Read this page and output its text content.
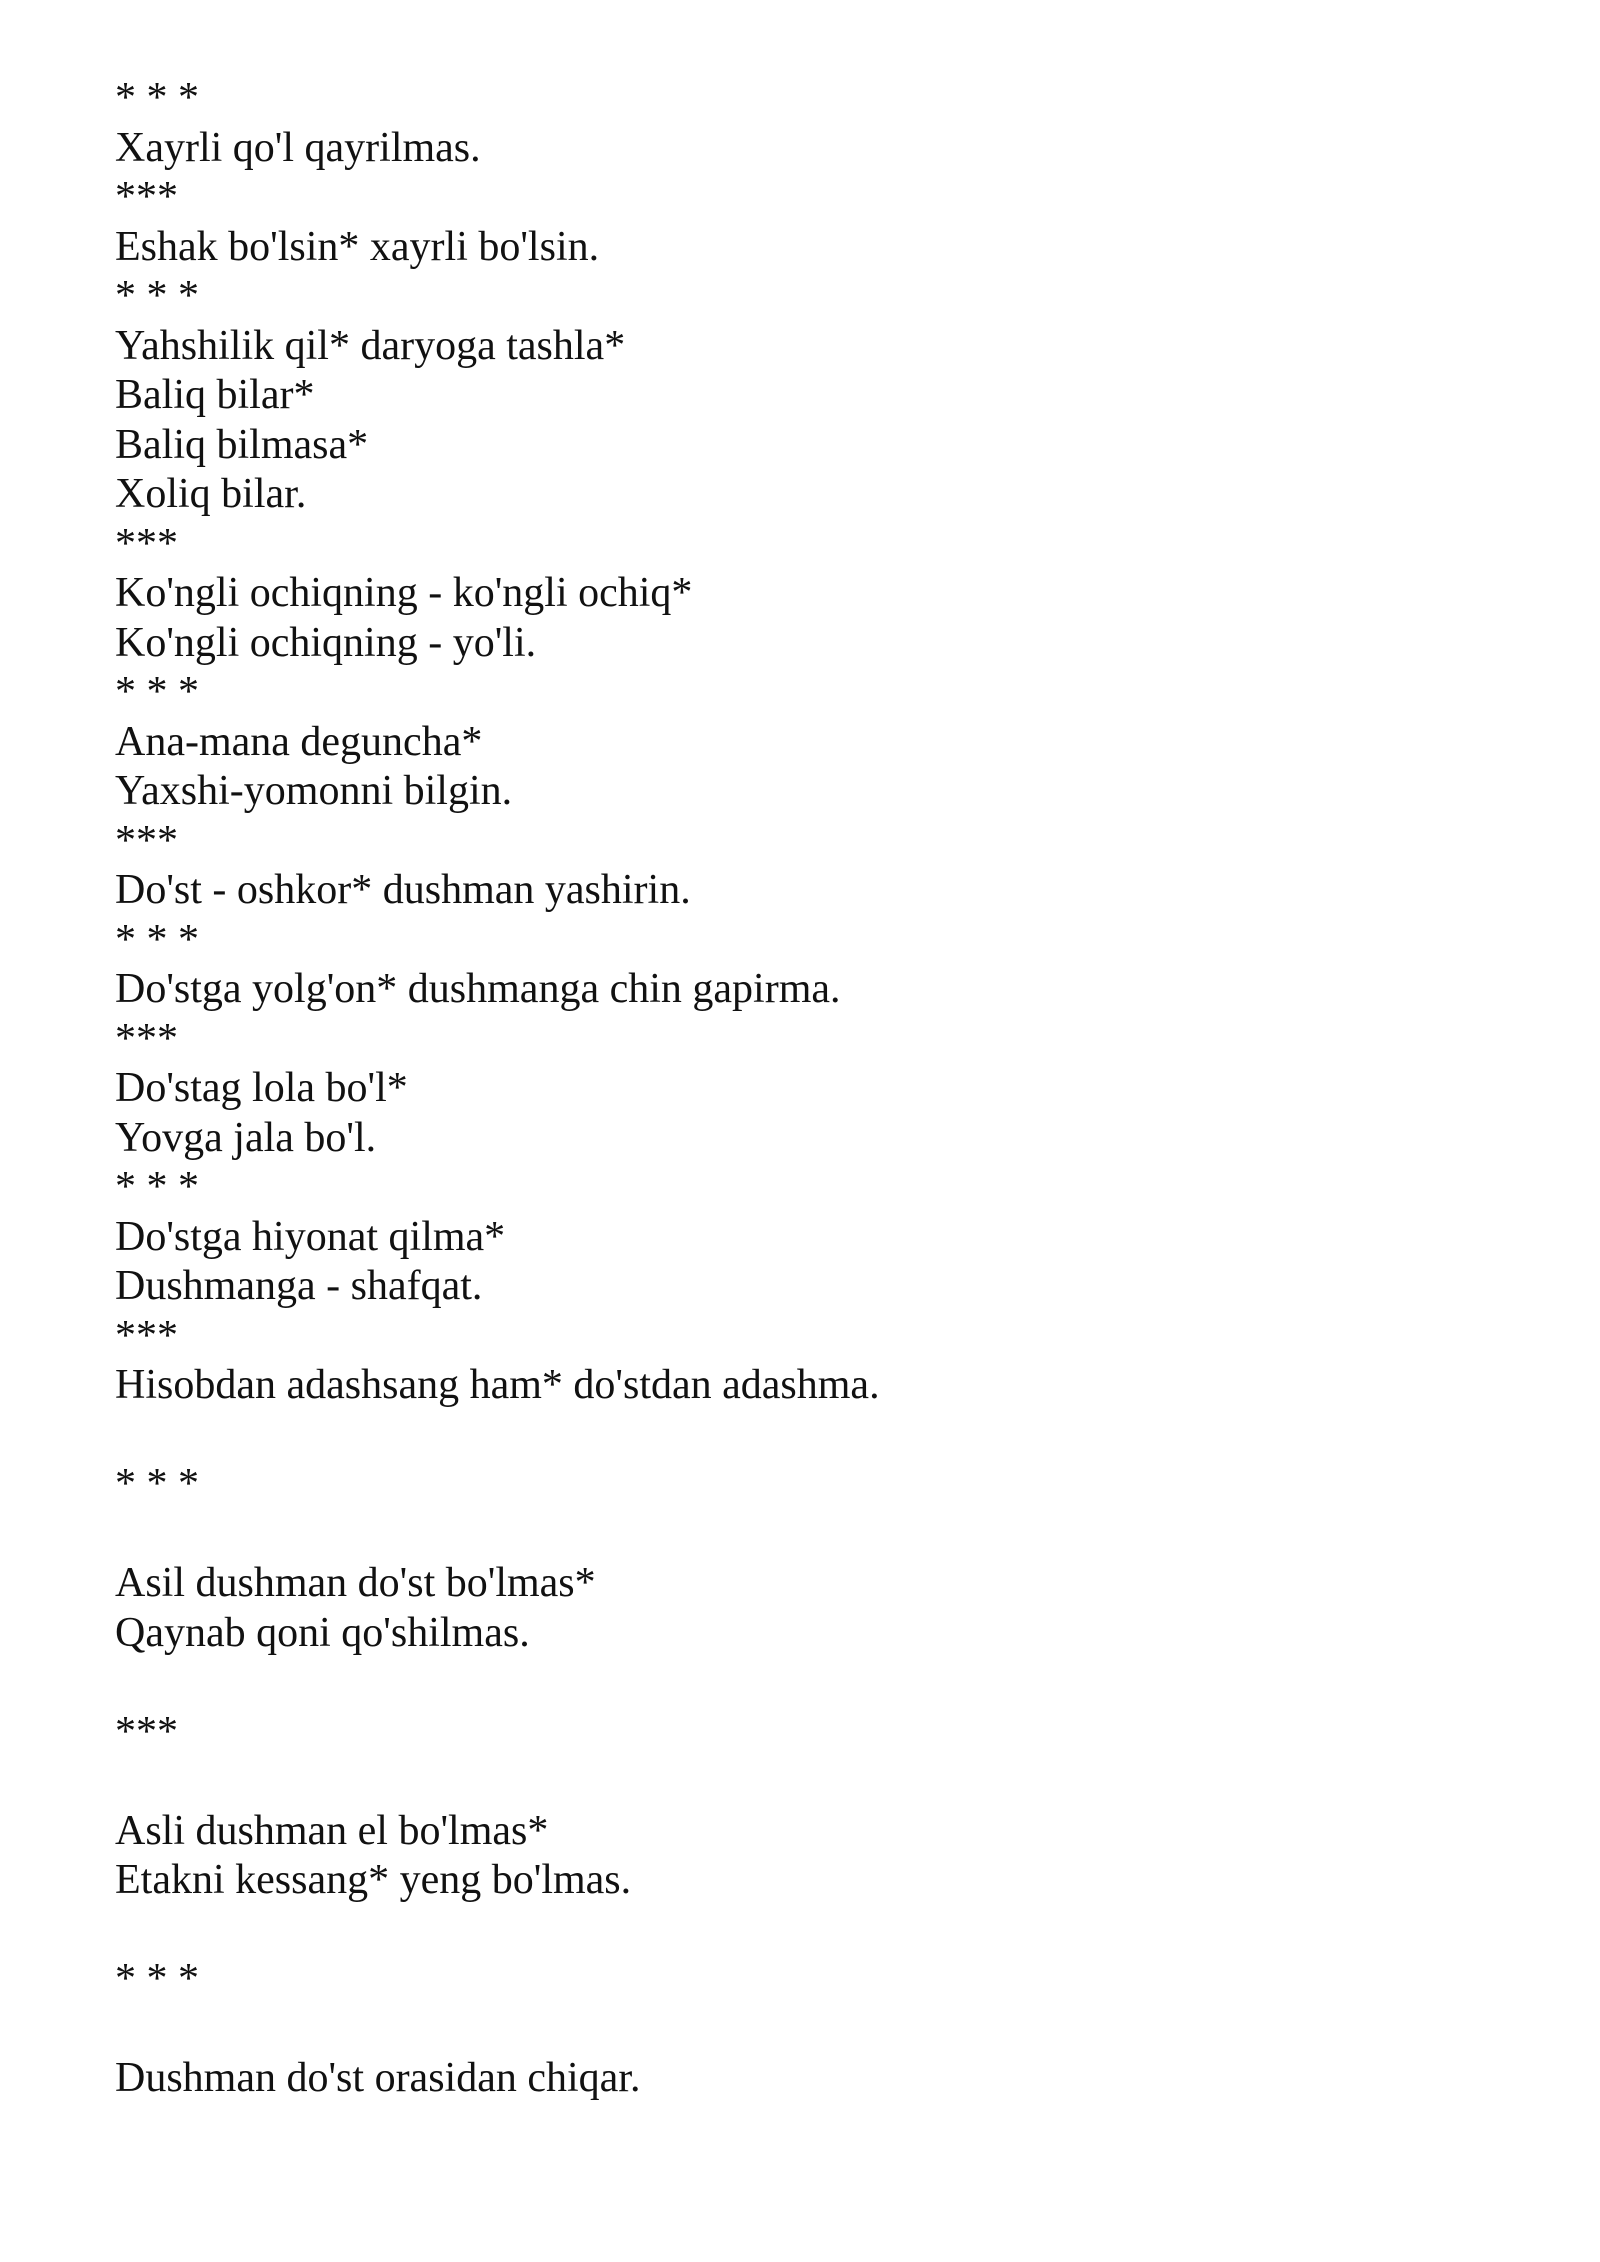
* * *
Xayrli qo'l qayrilmas.
***
Eshak bo'lsin* xayrli bo'lsin.
* * *
Yahshilik qil* daryoga tashla*
Baliq bilar*
Baliq bilmasa*
Xoliq bilar.
***
Ko'ngli ochiqning - ko'ngli ochiq*
Ko'ngli ochiqning - yo'li.
* * *
Ana-mana deguncha*
Yaxshi-yomonni bilgin.
***
Do'st - oshkor* dushman yashirin.
* * *
Do'stga yolg'on* dushmanga chin gapirma.
***
Do'stag lola bo'l*
Yovga jala bo'l.
* * *
Do'stga hiyonat qilma*
Dushmanga - shafqat.
***
Hisobdan adashsang ham* do'stdan adashma.
* * *
Asil dushman do'st bo'lmas*
Qaynab qoni qo'shilmas.
***
Asli dushman el bo'lmas*
Etakni kessang* yeng bo'lmas.
* * *
Dushman do'st orasidan chiqar.
